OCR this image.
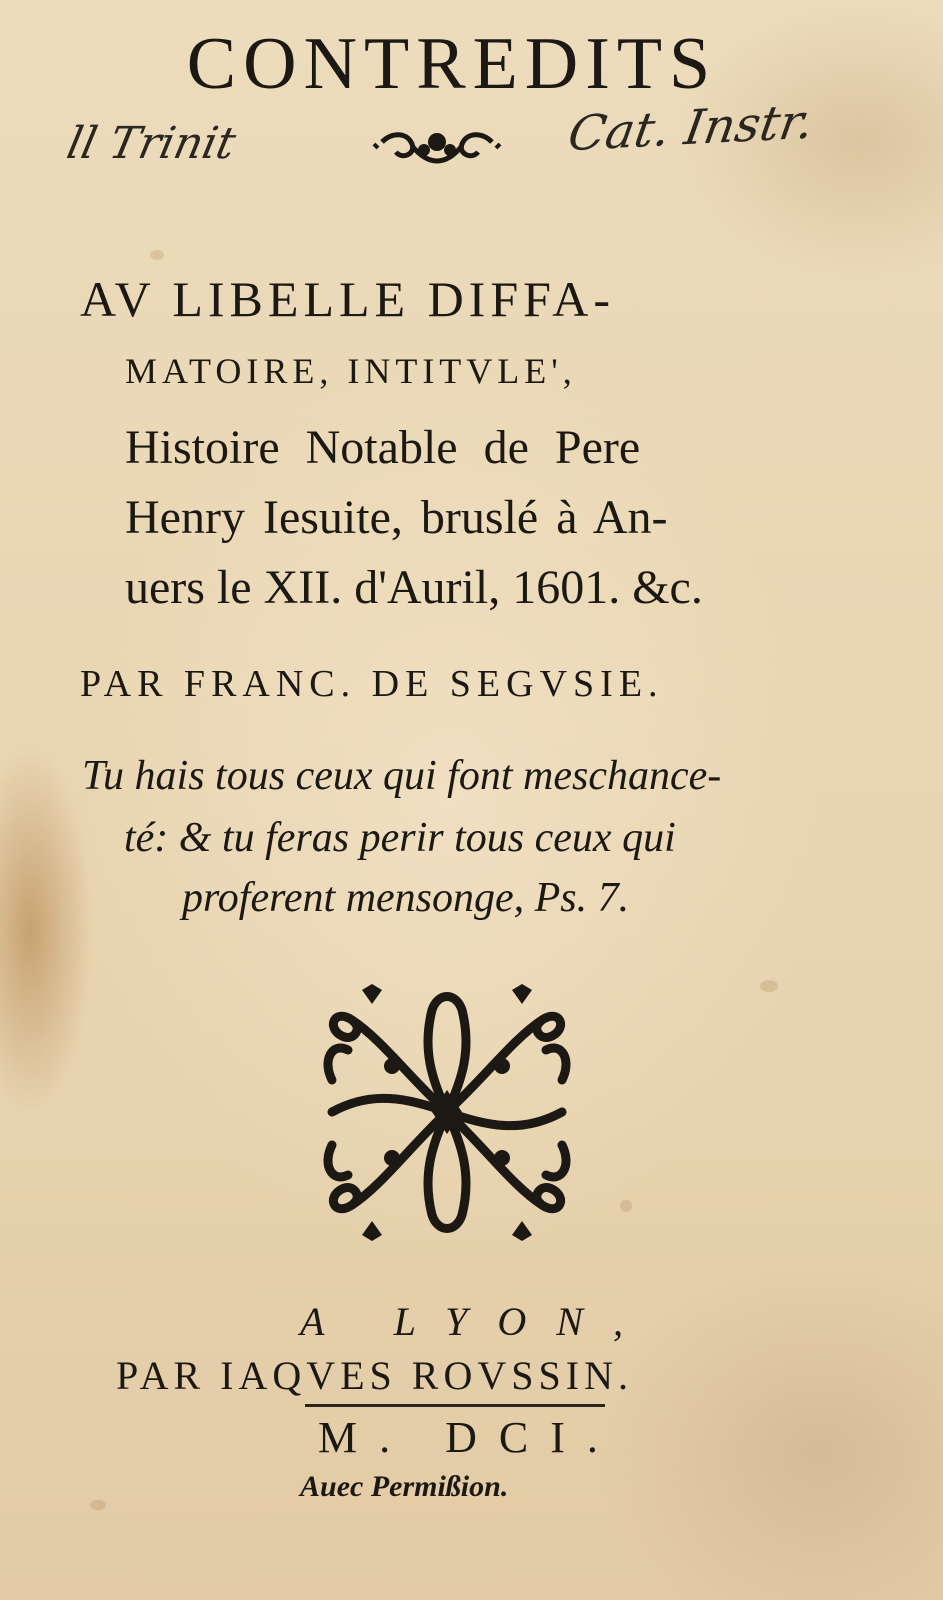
CONTREDITS
ll Trinit	Cat. Instr.
AV LIBELLE DIFFA-
MATOIRE, INTITVLE',
Histoire Notable de Pere
Henry Iesuite, bruslé à An-
uers le XII. d'Auril, 1601. &c.
PAR FRANC. DE SEGVSIE.
Tu hais tous ceux qui font meschance-
té: & tu feras perir tous ceux qui
proferent mensonge, Ps. 7.
A LYON,
PAR IAQVES ROVSSIN.
M. DCI.
Auec Permißion.
